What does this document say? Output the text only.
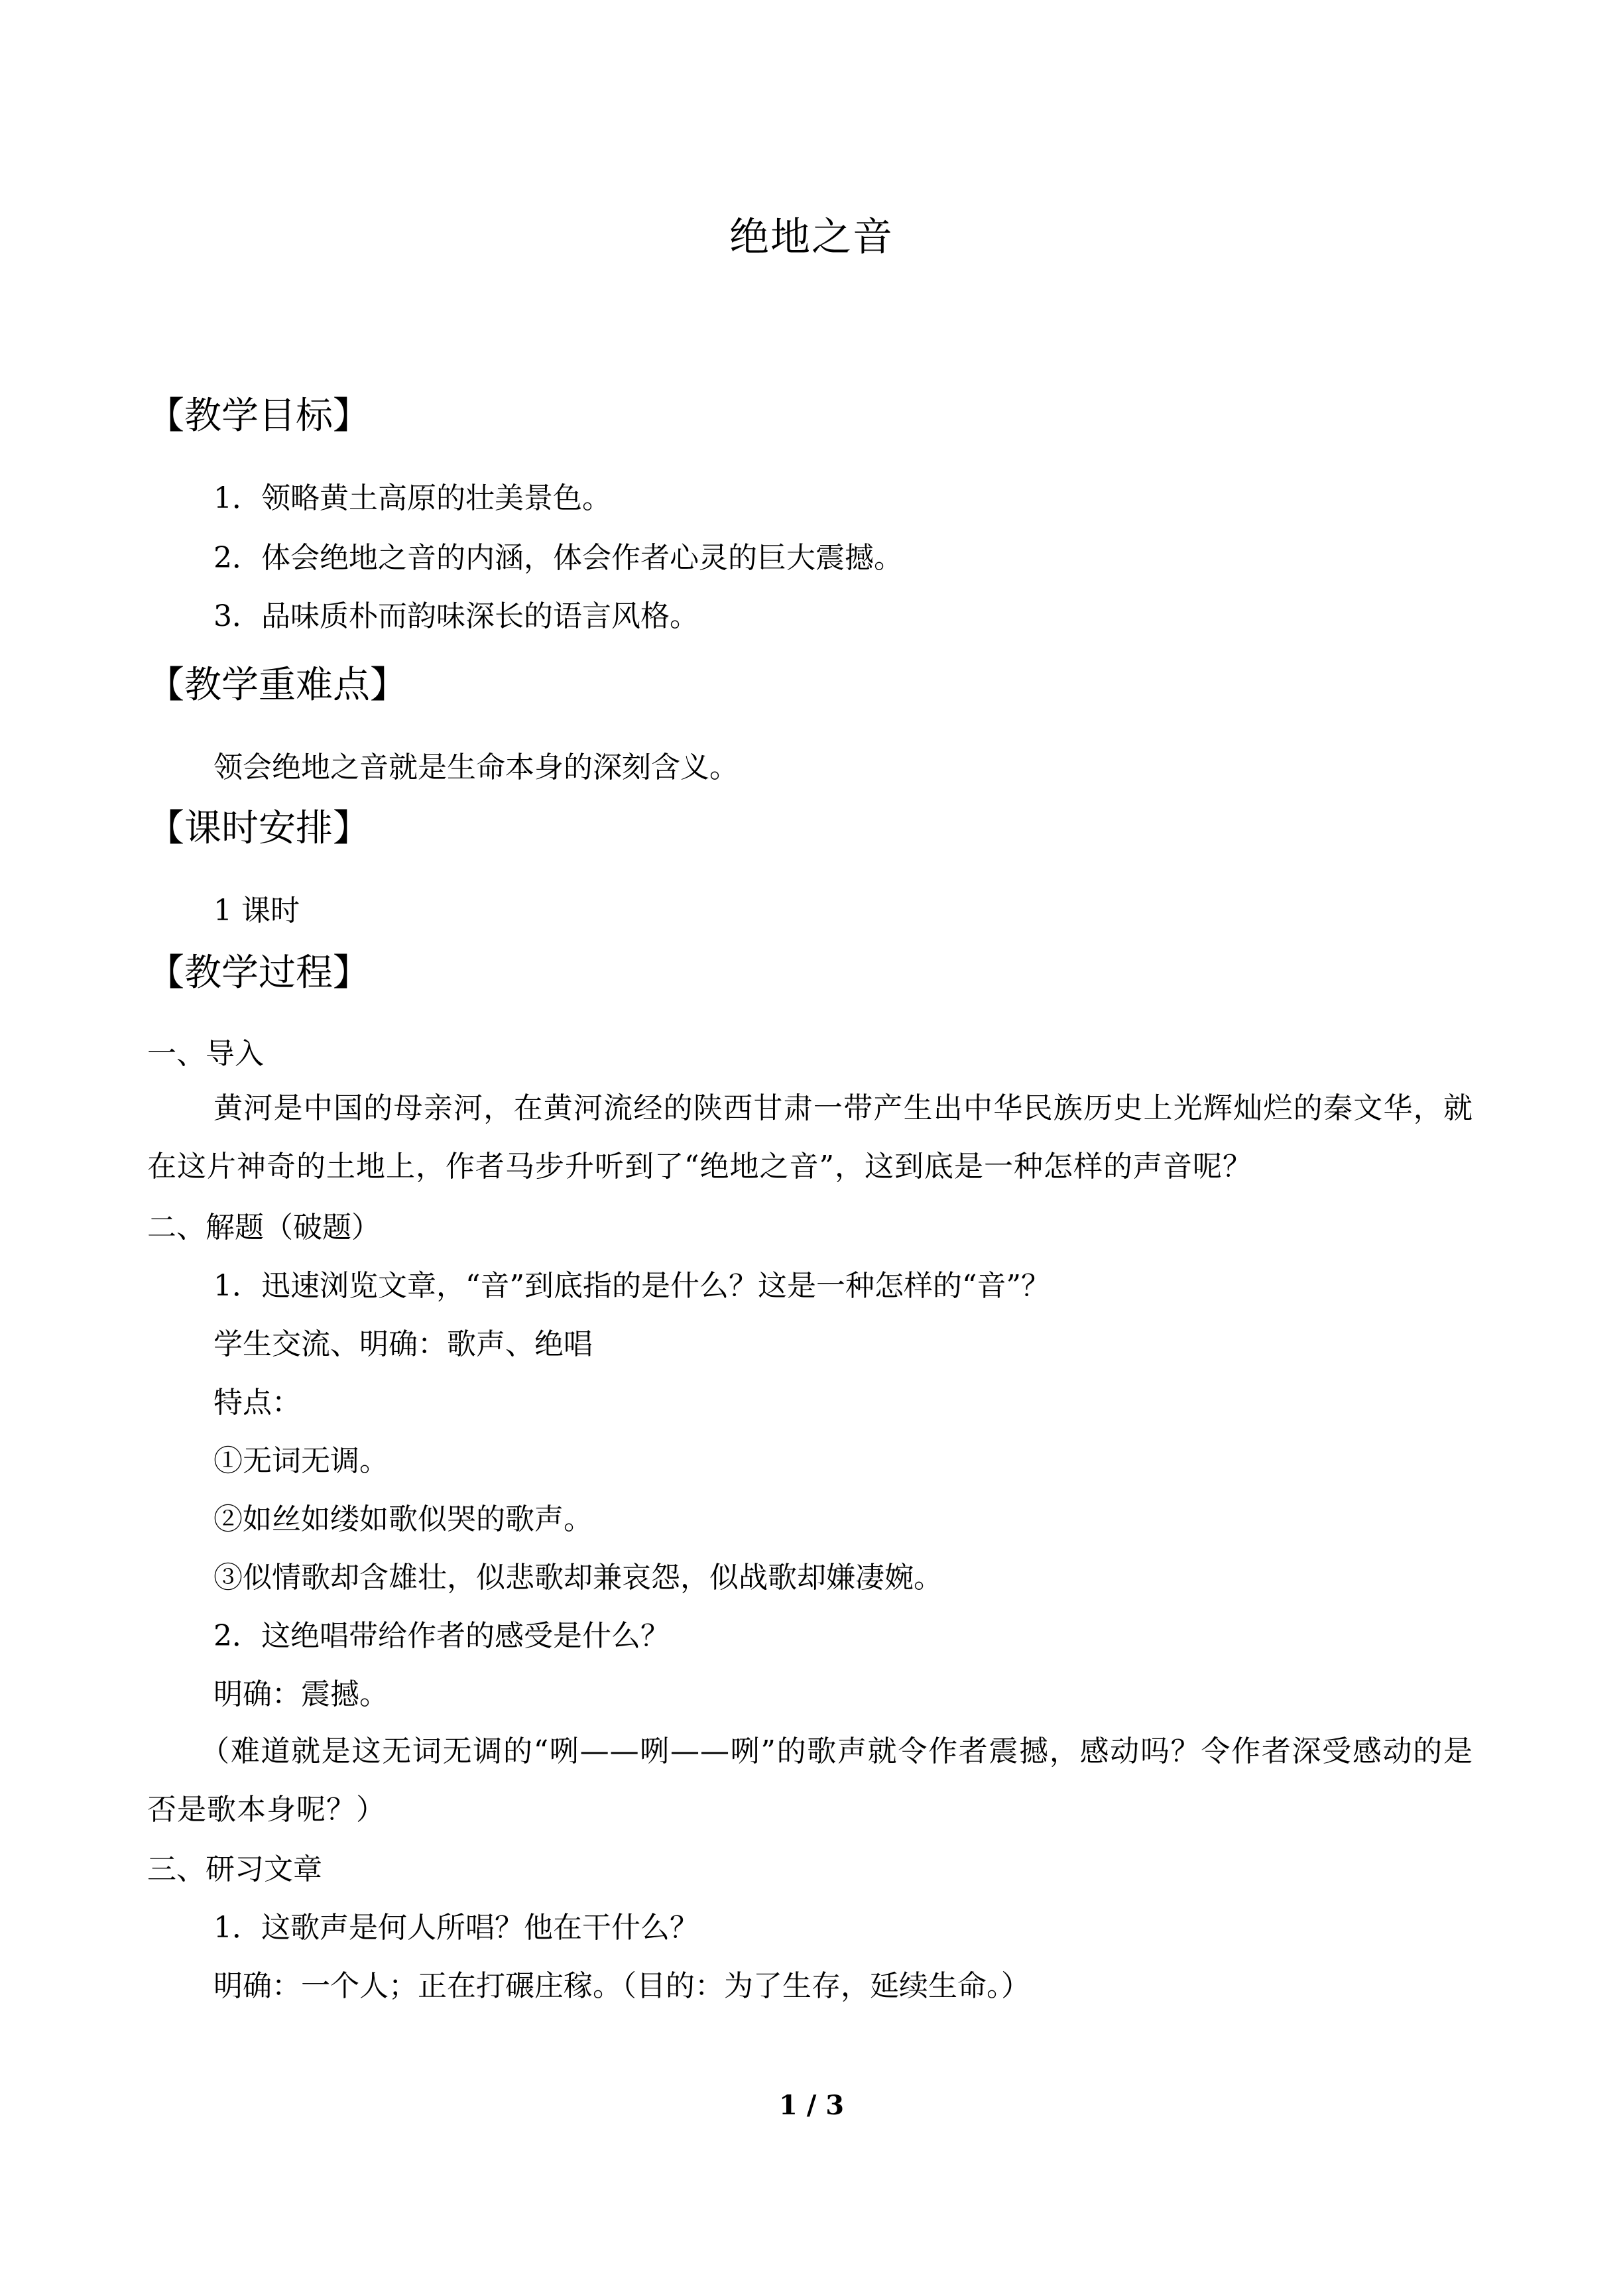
绝地之音
【教学目标】
1．领略黄土高原的壮美景色。
2．体会绝地之音的内涵，体会作者心灵的巨大震撼。
3．品味质朴而韵味深长的语言风格。
【教学重难点】
领会绝地之音就是生命本身的深刻含义。
【课时安排】
1 课时
【教学过程】
一、导入
黄河是中国的母亲河，在黄河流经的陕西甘肃一带产生出中华民族历史上光辉灿烂的秦文华，就在这片神奇的土地上，作者马步升听到了“绝地之音”，这到底是一种怎样的声音呢？
二、解题（破题）
1．迅速浏览文章，“音”到底指的是什么？这是一种怎样的“音”？
学生交流、明确：歌声、绝唱
特点：
①无词无调。
②如丝如缕如歌似哭的歌声。
③似情歌却含雄壮，似悲歌却兼哀怨，似战歌却嫌凄婉。
2．这绝唱带给作者的感受是什么？
明确：震撼。
（难道就是这无词无调的“咧——咧——咧”的歌声就令作者震撼，感动吗？令作者深受感动的是否是歌本身呢？）
三、研习文章
1．这歌声是何人所唱？他在干什么？
明确：一个人；正在打碾庄稼。（目的：为了生存，延续生命。）
1 / 3
